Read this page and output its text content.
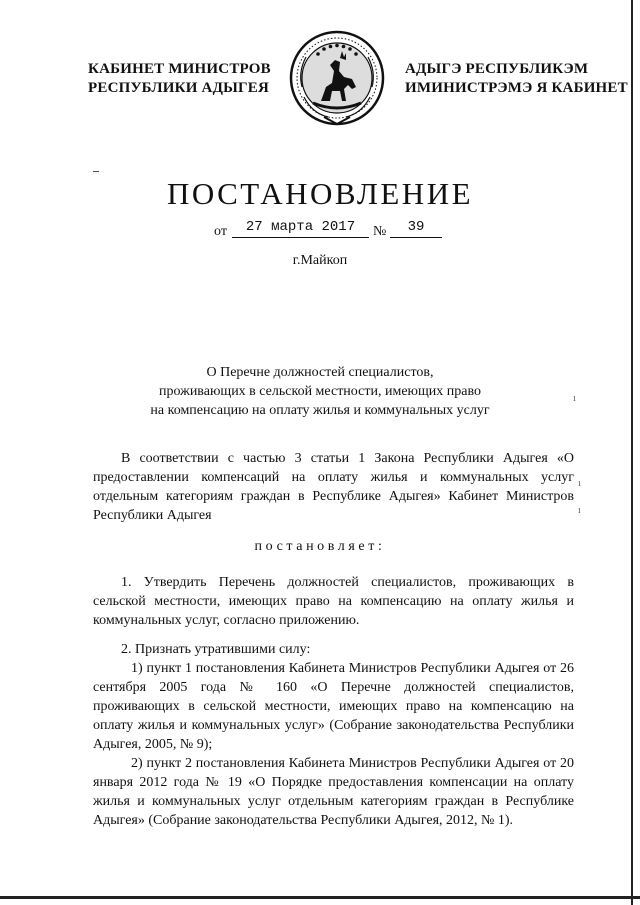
КАБИНЕТ МИНИСТРОВ
РЕСПУБЛИКИ АДЫГЕЯ
АДЫГЭ РЕСПУБЛИКЭМ
ИМИНИСТРЭМЭ Я КАБИНЕТ
ПОСТАНОВЛЕНИЕ
от	27 марта 2017	№	39
г.Майкоп
О Перечне должностей специалистов,
проживающих в сельской местности, имеющих право
на компенсацию на оплату жилья и коммунальных услуг
ı

В соответствии с частью 3 статьи 1 Закона Республики Адыгея «О предоставлении компенсаций на оплату жилья и коммунальных услуг отдельным категориям граждан в Республике Адыгея» Кабинет Министров Республики Адыгея

ı
ı
постановляет:

1. Утвердить Перечень должностей специалистов, проживающих в сельской местности, имеющих право на компенсацию на оплату жилья и коммунальных услуг, согласно приложению.

2. Признать утратившими силу:

1) пункт 1 постановления Кабинета Министров Республики Адыгея от 26 сентября 2005 года № 160 «О Перечне должностей специалистов, проживающих в сельской местности, имеющих право на компенсацию на оплату жилья и коммунальных услуг» (Собрание законодательства Республики Адыгея, 2005, № 9);

2) пункт 2 постановления Кабинета Министров Республики Адыгея от 20 января 2012 года № 19 «О Порядке предоставления компенсации на оплату жилья и коммунальных услуг отдельным категориям граждан в Республике Адыгея» (Собрание законодательства Республики Адыгея, 2012, № 1).
